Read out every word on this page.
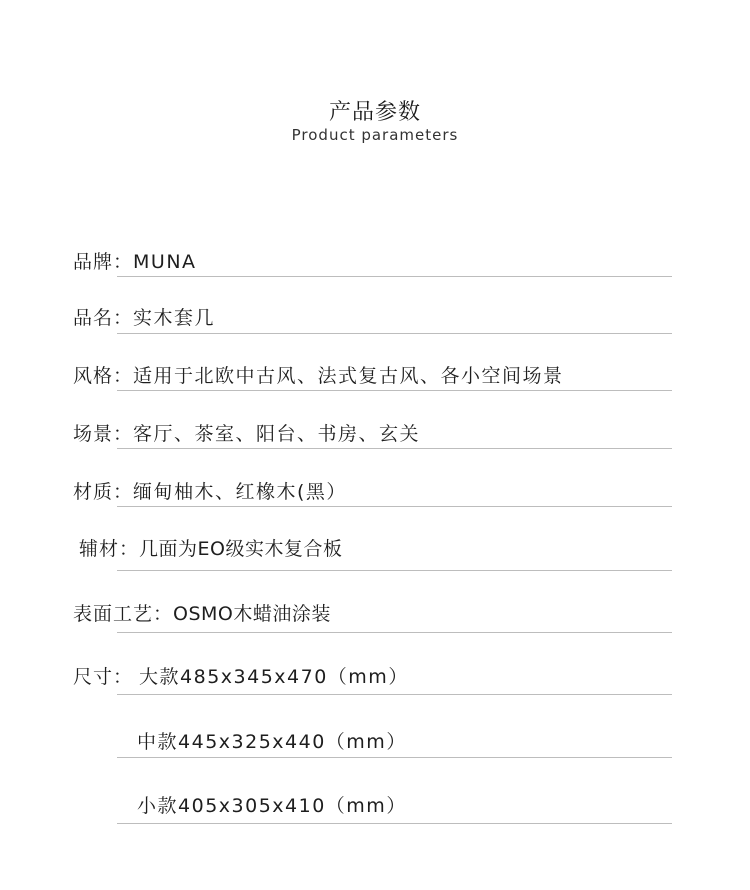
产品参数
Product parameters
品牌：MUNA
品名：实木套几
风格：适用于北欧中古风、法式复古风、各小空间场景
场景：客厅、茶室、阳台、书房、玄关
材质：缅甸柚木、红橡木(黑）
辅材：几面为EO级实木复合板
表面工艺：OSMO木蜡油涂装
尺寸： 大款485x345x470（mm）
中款445x325x440（mm）
小款405x305x410（mm）
